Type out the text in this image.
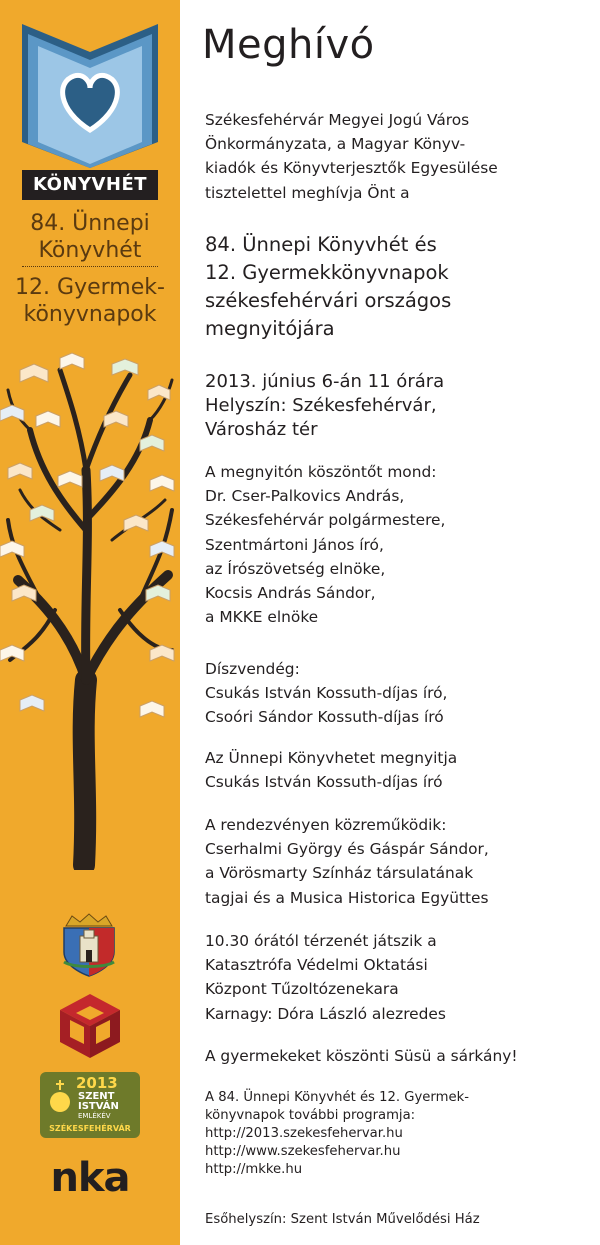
KÖNYVHÉT

84. Ünnepi

Könyvhét

12. Gyermek-

könyvnapok

2013
SZENT
ISTVÁN
EMLÉKÉV
SZÉKESFEHÉRVÁR
nka
Meghívó

Székesfehérvár Megyei Jogú Város
Önkormányzata, a Magyar Könyv-
kiadók és Könyvterjesztők Egyesülése
tisztelettel meghívja Önt a

84. Ünnepi Könyvhét és
12. Gyermekkönyvnapok
székesfehérvári országos
megnyitójára

2013. június 6-án 11 órára
Helyszín: Székesfehérvár,
Városház tér

A megnyitón köszöntőt mond:
Dr. Cser-Palkovics András,
Székesfehérvár polgármestere,
Szentmártoni János író,
az Írószövetség elnöke,
Kocsis András Sándor,
a MKKE elnöke

Díszvendég:
Csukás István Kossuth-díjas író,
Csoóri Sándor Kossuth-díjas író

Az Ünnepi Könyvhetet megnyitja
Csukás István Kossuth-díjas író

A rendezvényen közreműködik:
Cserhalmi György és Gáspár Sándor,
a Vörösmarty Színház társulatának
tagjai és a Musica Historica Együttes

10.30 órától térzenét játszik a
Katasztrófa Védelmi Oktatási
Központ Tűzoltózenekara
Karnagy: Dóra László alezredes

A gyermekeket köszönti Süsü a sárkány!

A 84. Ünnepi Könyvhét és 12. Gyermek-
könyvnapok további programja:
http://2013.szekesfehervar.hu
http://www.szekesfehervar.hu
http://mkke.hu

Esőhelyszín: Szent István Művelődési Ház
